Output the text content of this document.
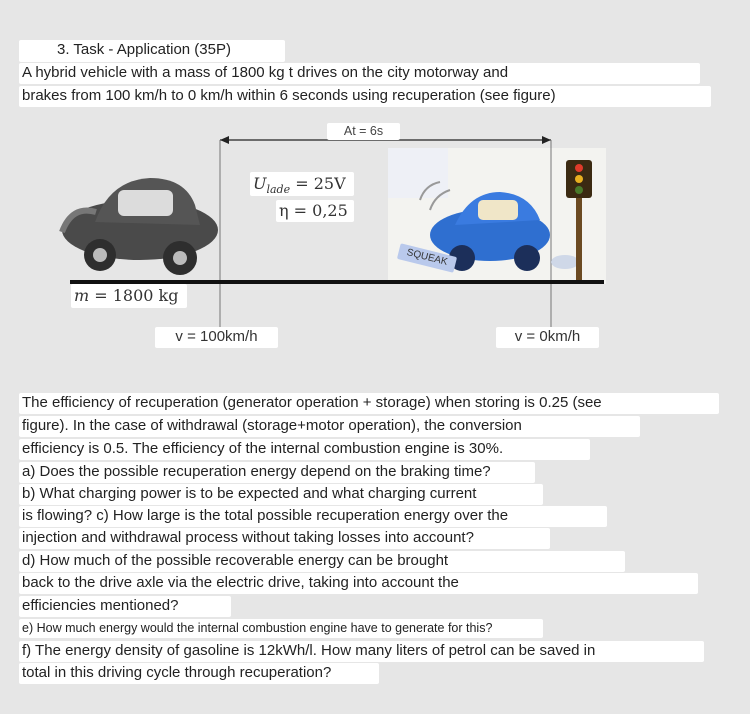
3. Task - Application (35P)
A hybrid vehicle with a mass of 1800 kg t drives on the city motorway and
brakes from 100 km/h to 0 km/h within 6 seconds using recuperation (see figure)
At = 6s
$U_{lade} = 25V$
η = 0,25
SQUEAK
m = 1800 kg
v = 100km/h	v = 0km/h
The efficiency of recuperation (generator operation + storage) when storing is 0.25 (see
figure). In the case of withdrawal (storage+motor operation), the conversion
efficiency is 0.5. The efficiency of the internal combustion engine is 30%.
a) Does the possible recuperation energy depend on the braking time?
b) What charging power is to be expected and what charging current
is flowing? c) How large is the total possible recuperation energy over the
injection and withdrawal process without taking losses into account?
d) How much of the possible recoverable energy can be brought
back to the drive axle via the electric drive, taking into account the
efficiencies mentioned?
e) How much energy would the internal combustion engine have to generate for this?
f) The energy density of gasoline is 12kWh/l. How many liters of petrol can be saved in
total in this driving cycle through recuperation?
